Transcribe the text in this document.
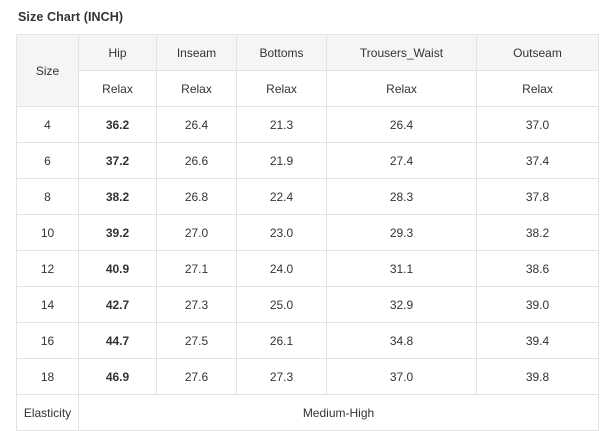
Size Chart (INCH)
Size	Hip	Inseam	Bottoms	Trousers_Waist	Outseam
	Relax	Relax	Relax	Relax	Relax
4	36.2	26.4	21.3	26.4	37.0
6	37.2	26.6	21.9	27.4	37.4
8	38.2	26.8	22.4	28.3	37.8
10	39.2	27.0	23.0	29.3	38.2
12	40.9	27.1	24.0	31.1	38.6
14	42.7	27.3	25.0	32.9	39.0
16	44.7	27.5	26.1	34.8	39.4
18	46.9	27.6	27.3	37.0	39.8
Elasticity	Medium-High				
